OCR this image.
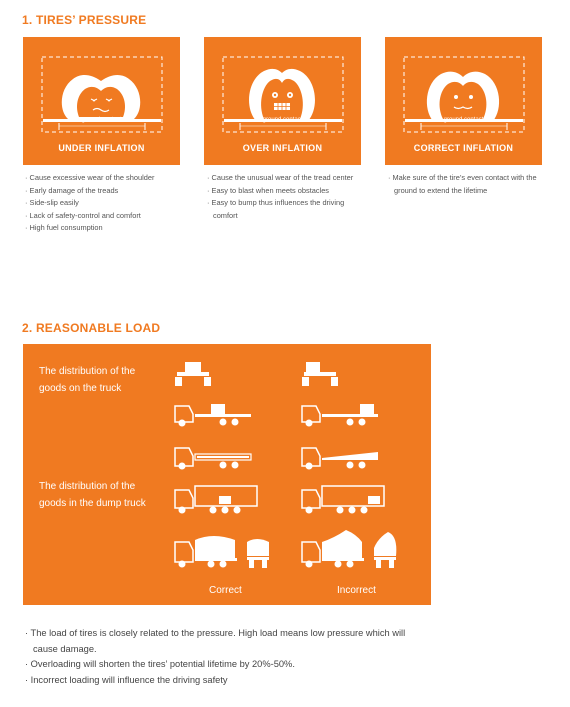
1. TIRES’ PRESSURE
ground contact
UNDER INFLATION
ground contact
OVER INFLATION
ground contact
CORRECT INFLATION
· Cause excessive wear of the shoulder
· Early damage of the treads
· Side-slip easily
· Lack of safety-control and comfort
· High fuel consumption
· Cause the unusual wear of the tread center
· Easy to blast when meets obstacles
· Easy to bump thus influences the driving comfort
· Make sure of the tire’s even contact with the ground to extend the lifetime
2. REASONABLE LOAD
The distribution of the goods on the truck
The distribution of the goods in the dump truck
Correct	Incorrect
· The load of tires is closely related to the pressure. High load means low pressure which will cause damage.
· Overloading will shorten the tires’ potential lifetime by 20%-50%.
· Incorrect loading will influence the driving safety
